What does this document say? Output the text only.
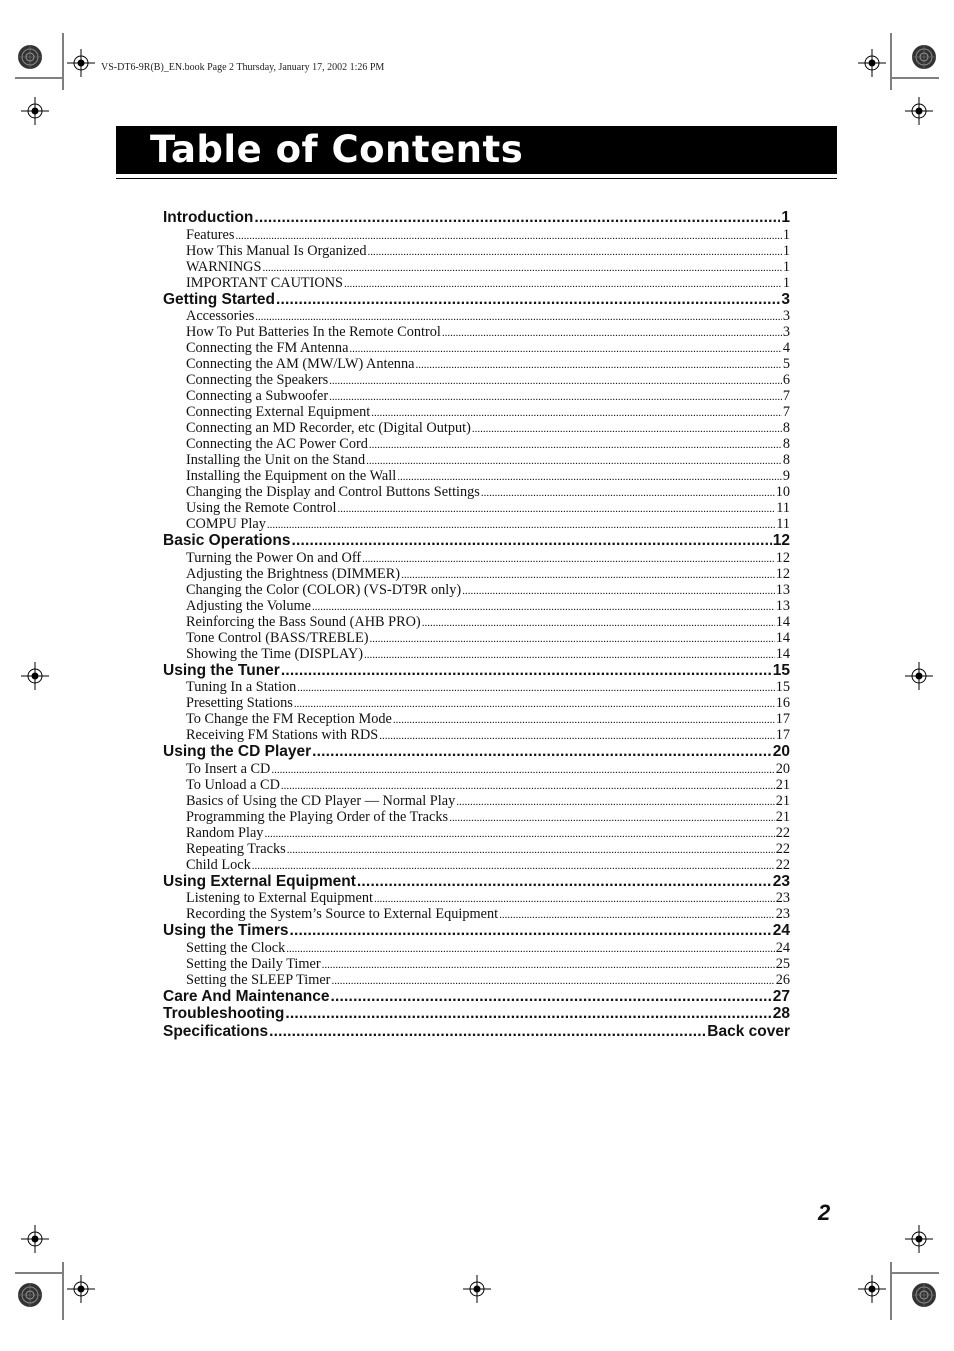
VS-DT6-9R(B)_EN.book Page 2 Thursday, January 17, 2002 1:26 PM
Table of Contents
Introduction .....	1
Features .....	1
How This Manual Is Organized .....	1
WARNINGS .....	1
IMPORTANT CAUTIONS .....	1
Getting Started .....	3
Accessories .....	3
How To Put Batteries In the Remote Control .....	3
Connecting the FM Antenna .....	4
Connecting the AM (MW/LW) Antenna .....	5
Connecting the Speakers .....	6
Connecting a Subwoofer .....	7
Connecting External Equipment .....	7
Connecting an MD Recorder, etc (Digital Output) .....	8
Connecting the AC Power Cord .....	8
Installing the Unit on the Stand .....	8
Installing the Equipment on the Wall .....	9
Changing the Display and Control Buttons Settings .....	10
Using the Remote Control .....	11
COMPU Play .....	11
Basic Operations .....	12
Turning the Power On and Off .....	12
Adjusting the Brightness (DIMMER) .....	12
Changing the Color (COLOR) (VS-DT9R only) .....	13
Adjusting the Volume .....	13
Reinforcing the Bass Sound (AHB PRO) .....	14
Tone Control (BASS/TREBLE) .....	14
Showing the Time (DISPLAY) .....	14
Using the Tuner .....	15
Tuning In a Station .....	15
Presetting Stations .....	16
To Change the FM Reception Mode .....	17
Receiving FM Stations with RDS .....	17
Using the CD Player .....	20
To Insert a CD .....	20
To Unload a CD .....	21
Basics of Using the CD Player — Normal Play .....	21
Programming the Playing Order of the Tracks .....	21
Random Play .....	22
Repeating Tracks .....	22
Child Lock .....	22
Using External Equipment .....	23
Listening to External Equipment .....	23
Recording the System’s Source to External Equipment .....	23
Using the Timers .....	24
Setting the Clock .....	24
Setting the Daily Timer .....	25
Setting the SLEEP Timer .....	26
Care And Maintenance .....	27
Troubleshooting .....	28
Specifications .....	Back cover
2
